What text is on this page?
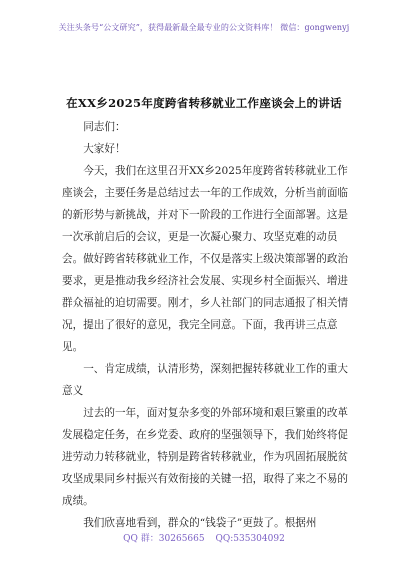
关注头条号“公文研究”，获得最新最全最专业的公文资料库！ 微信：gongwenyj
在XX乡2025年度跨省转移就业工作座谈会上的讲话

同志们：

大家好！

今天，我们在这里召开XX乡2025年度跨省转移就业工作座谈会，主要任务是总结过去一年的工作成效，分析当前面临的新形势与新挑战，并对下一阶段的工作进行全面部署。这是一次承前启后的会议，更是一次凝心聚力、攻坚克难的动员会。做好跨省转移就业工作，不仅是落实上级决策部署的政治要求，更是推动我乡经济社会发展、实现乡村全面振兴、增进群众福祉的迫切需要。刚才，乡人社部门的同志通报了相关情况，提出了很好的意见，我完全同意。下面，我再讲三点意见。

一、肯定成绩，认清形势，深刻把握转移就业工作的重大意义

过去的一年，面对复杂多变的外部环境和艰巨繁重的改革发展稳定任务，在乡党委、政府的坚强领导下，我们始终将促进劳动力转移就业，特别是跨省转移就业，作为巩固拓展脱贫攻坚成果同乡村振兴有效衔接的关键一招，取得了来之不易的成绩。

我们欣喜地看到，群众的“钱袋子”更鼓了。根据州

QQ 群：30265665 QQ:535304092
